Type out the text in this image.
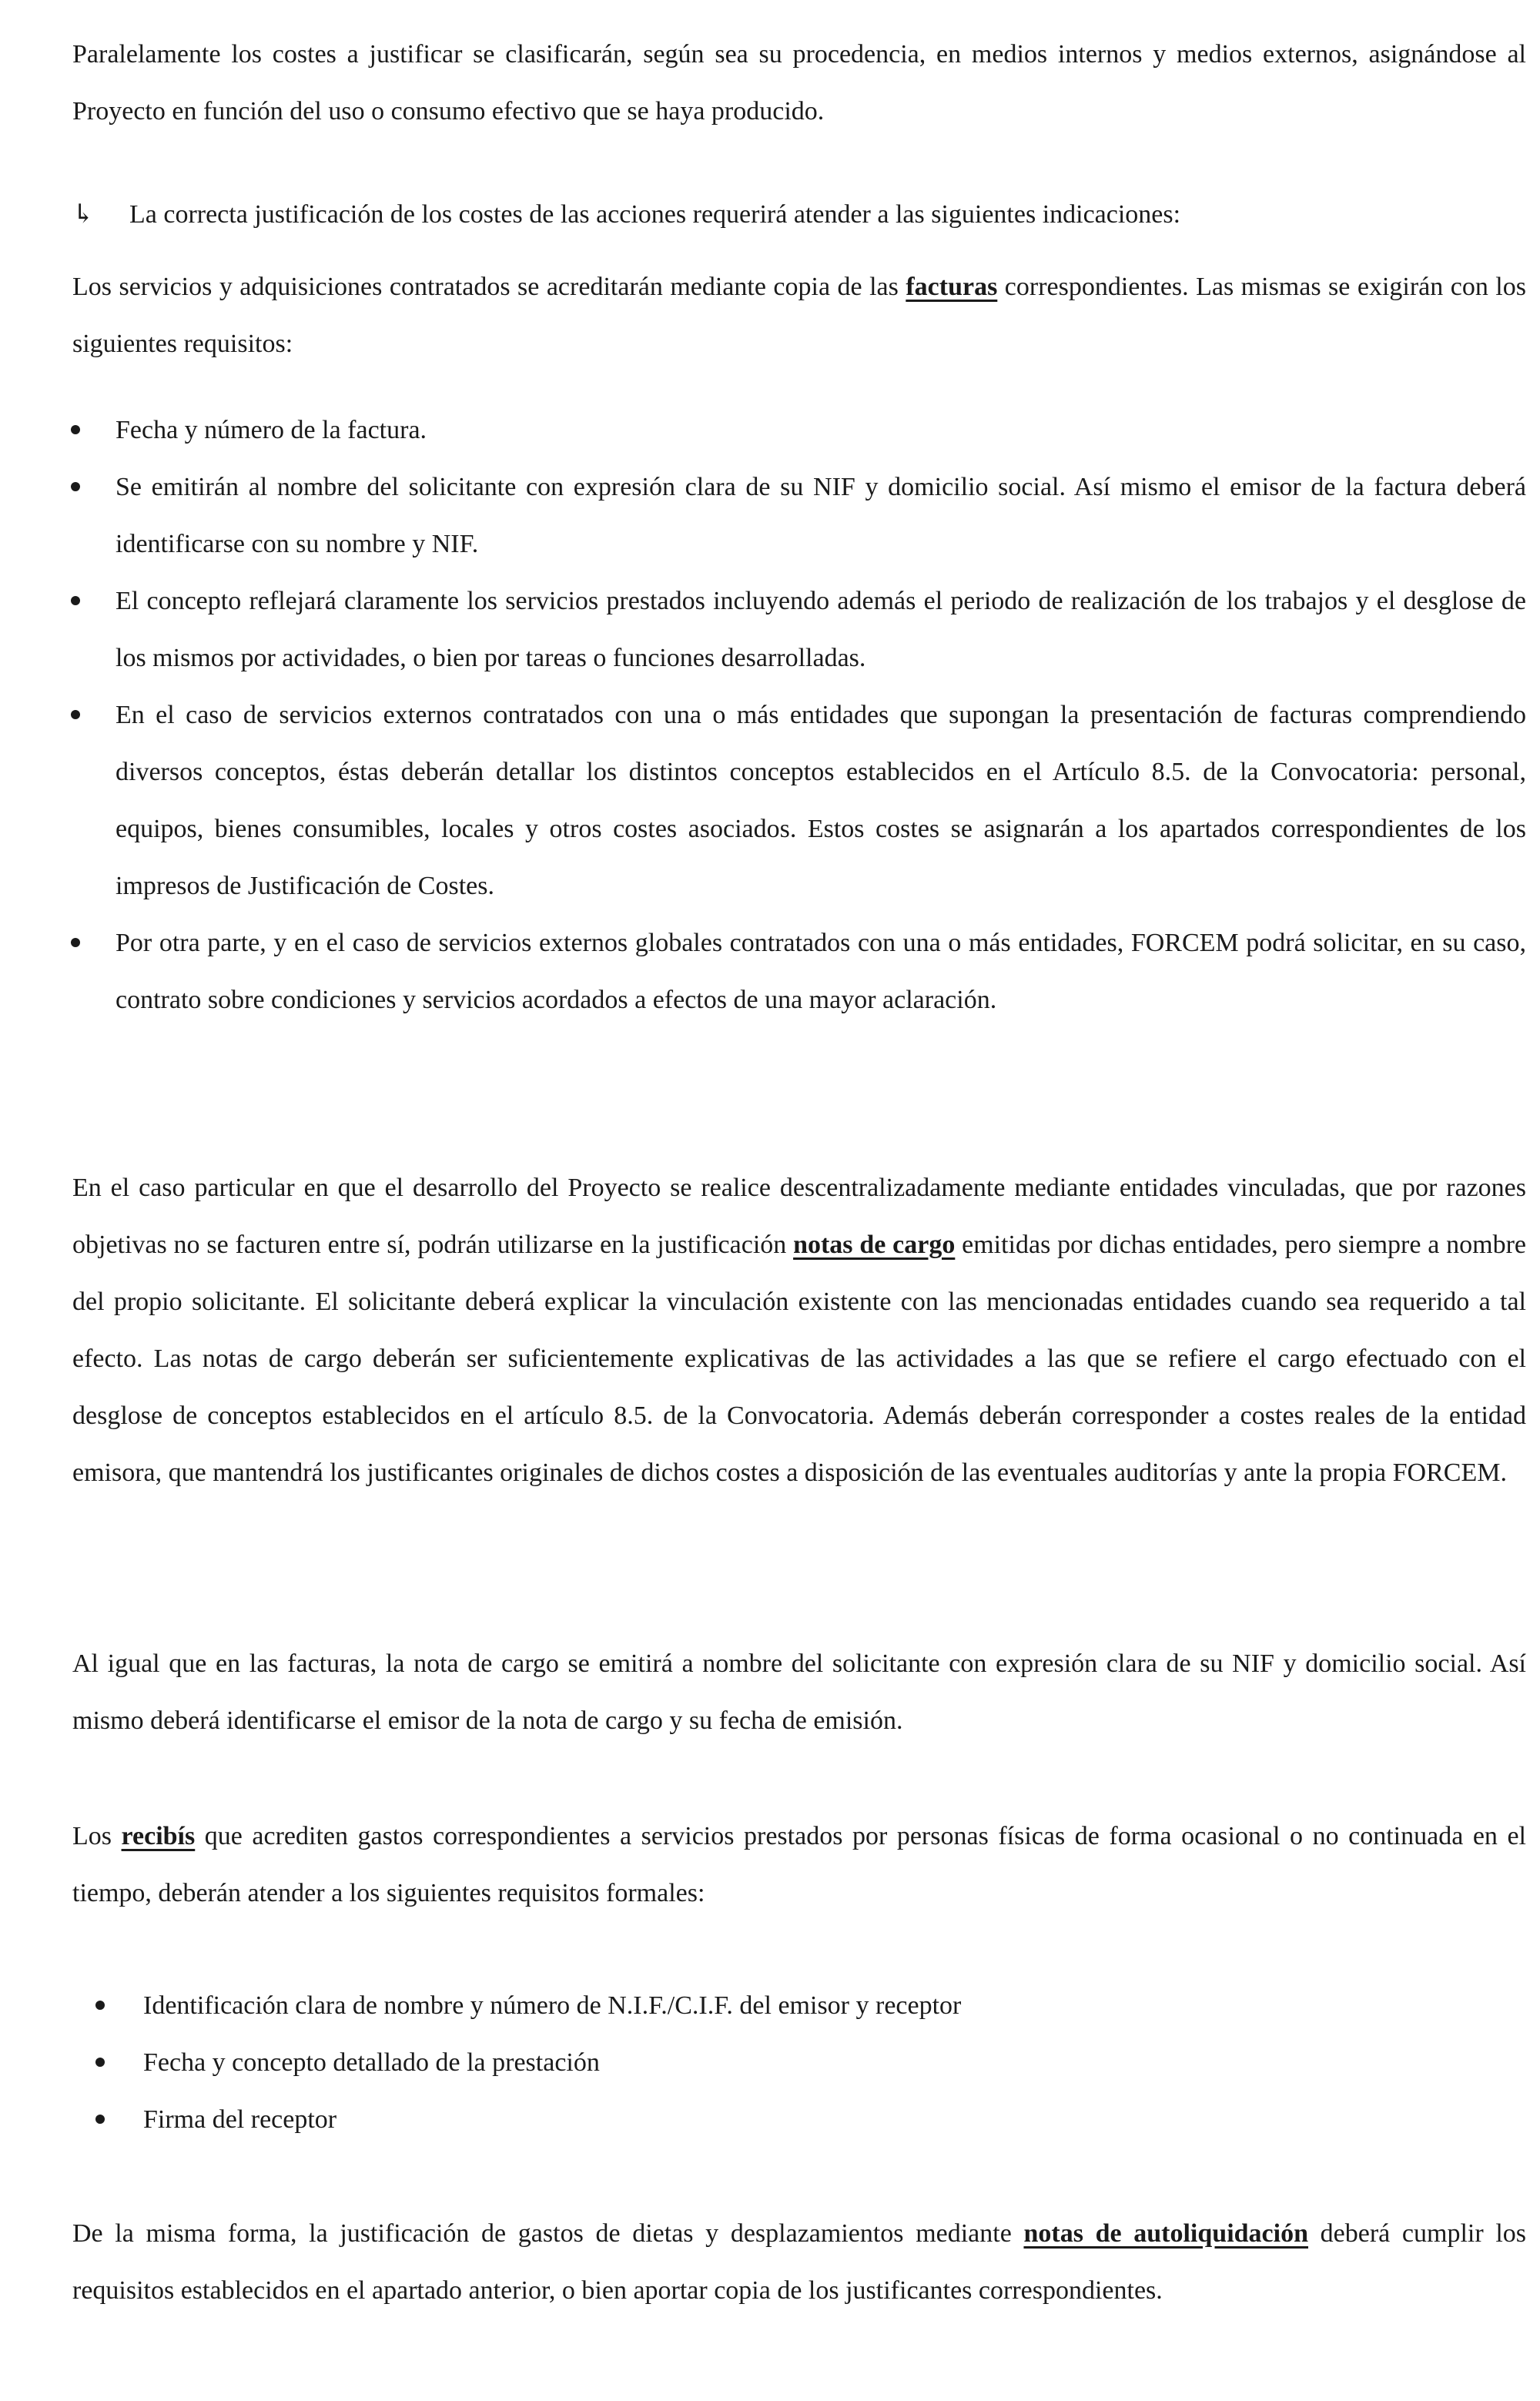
Paralelamente los costes a justificar se clasificarán, según sea su procedencia, en medios internos y medios externos, asignándose al Proyecto en función del uso o consumo efectivo que se haya producido.

↳ La correcta justificación de los costes de las acciones requerirá atender a las siguientes indicaciones:

Los servicios y adquisiciones contratados se acreditarán mediante copia de las facturas correspondientes. Las mismas se exigirán con los siguientes requisitos:

Fecha y número de la factura.
Se emitirán al nombre del solicitante con expresión clara de su NIF y domicilio social. Así mismo el emisor de la factura deberá identificarse con su nombre y NIF.
El concepto reflejará claramente los servicios prestados incluyendo además el periodo de realización de los trabajos y el desglose de los mismos por actividades, o bien por tareas o funciones desarrolladas.
En el caso de servicios externos contratados con una o más entidades que supongan la presentación de facturas comprendiendo diversos conceptos, éstas deberán detallar los distintos conceptos establecidos en el Artículo 8.5. de la Convocatoria: personal, equipos, bienes consumibles, locales y otros costes asociados. Estos costes se asignarán a los apartados correspondientes de los impresos de Justificación de Costes.
Por otra parte, y en el caso de servicios externos globales contratados con una o más entidades, FORCEM podrá solicitar, en su caso, contrato sobre condiciones y servicios acordados a efectos de una mayor aclaración.

En el caso particular en que el desarrollo del Proyecto se realice descentralizadamente mediante entidades vinculadas, que por razones objetivas no se facturen entre sí, podrán utilizarse en la justificación notas de cargo emitidas por dichas entidades, pero siempre a nombre del propio solicitante. El solicitante deberá explicar la vinculación existente con las mencionadas entidades cuando sea requerido a tal efecto. Las notas de cargo deberán ser suficientemente explicativas de las actividades a las que se refiere el cargo efectuado con el desglose de conceptos establecidos en el artículo 8.5. de la Convocatoria. Además deberán corresponder a costes reales de la entidad emisora, que mantendrá los justificantes originales de dichos costes a disposición de las eventuales auditorías y ante la propia FORCEM.

Al igual que en las facturas, la nota de cargo se emitirá a nombre del solicitante con expresión clara de su NIF y domicilio social. Así mismo deberá identificarse el emisor de la nota de cargo y su fecha de emisión.

Los recibís que acrediten gastos correspondientes a servicios prestados por personas físicas de forma ocasional o no continuada en el tiempo, deberán atender a los siguientes requisitos formales:

Identificación clara de nombre y número de N.I.F./C.I.F. del emisor y receptor
Fecha y concepto detallado de la prestación
Firma del receptor

De la misma forma, la justificación de gastos de dietas y desplazamientos mediante notas de autoliquidación deberá cumplir los requisitos establecidos en el apartado anterior, o bien aportar copia de los justificantes correspondientes.
